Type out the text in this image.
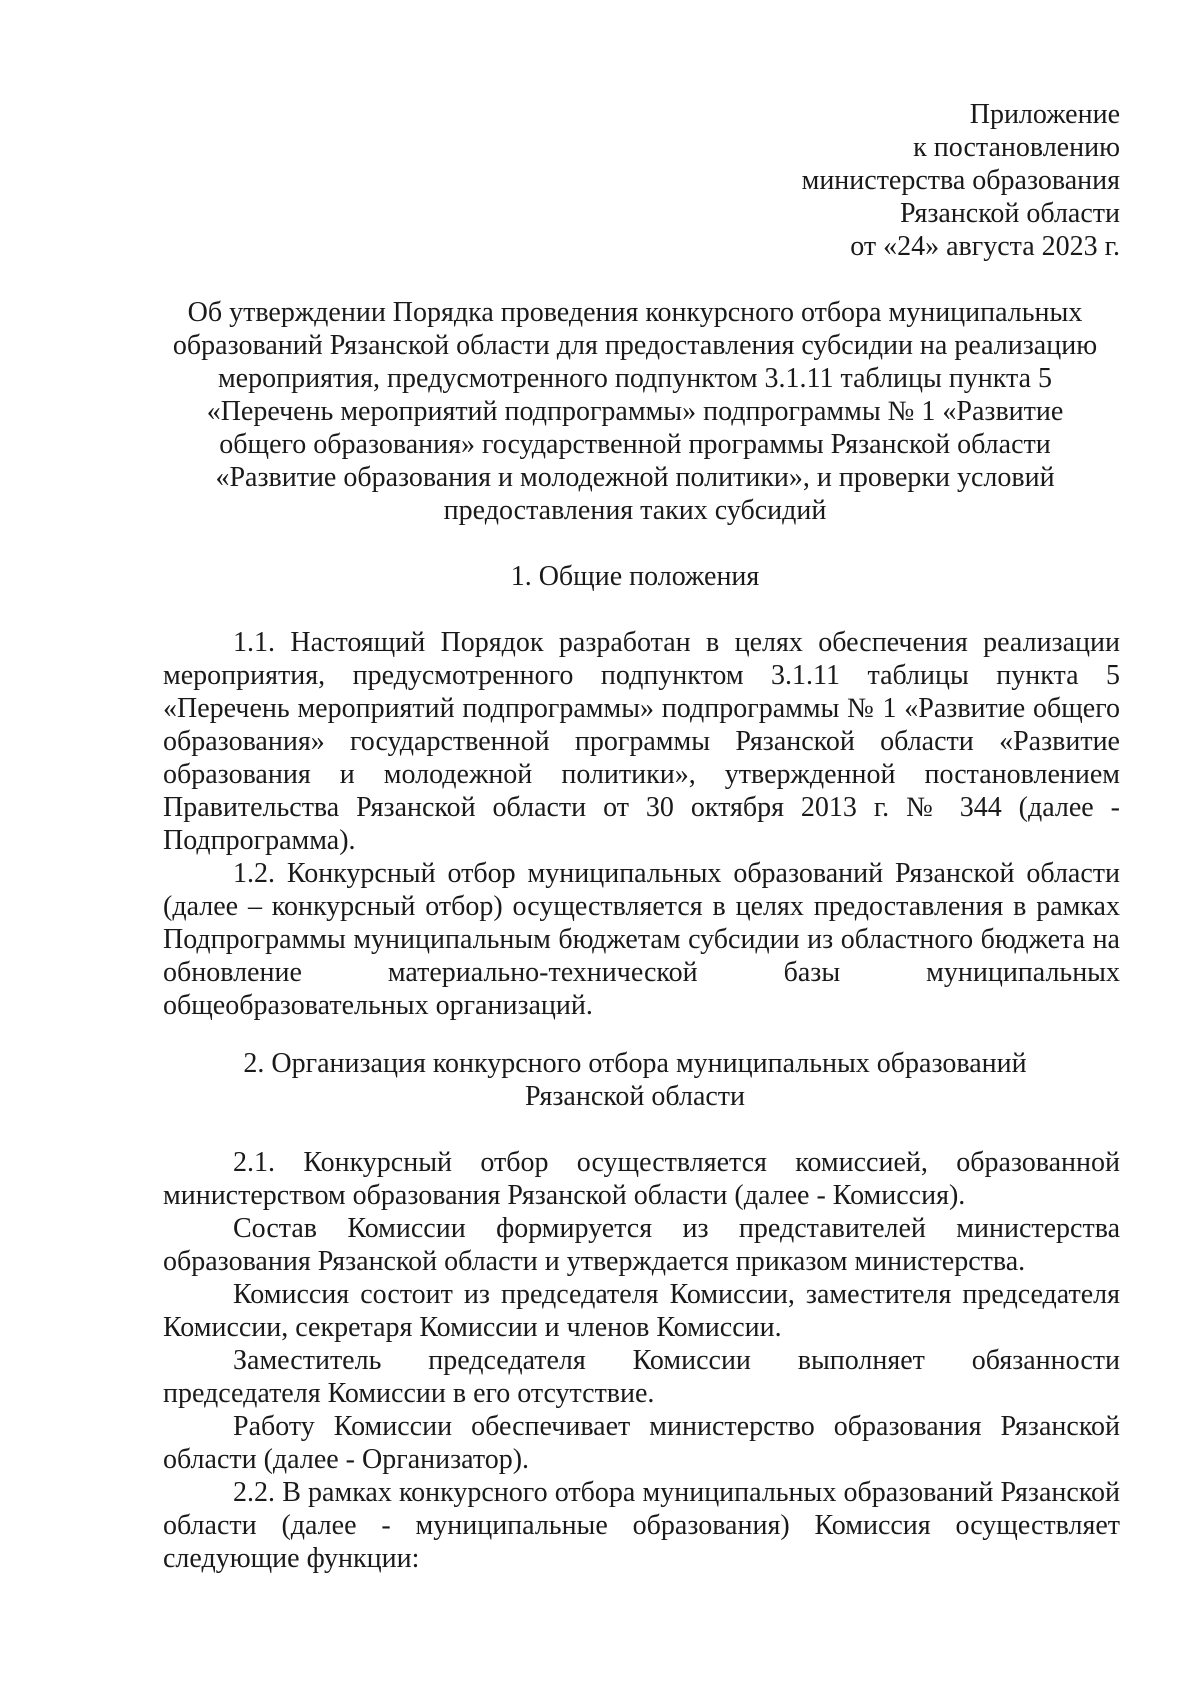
Приложение
к постановлению
министерства образования
Рязанской области
от «24» августа 2023 г.
Об утверждении Порядка проведения конкурсного отбора муниципальных
образований Рязанской области для предоставления субсидии на реализацию
мероприятия, предусмотренного подпунктом 3.1.11 таблицы пункта 5
«Перечень мероприятий подпрограммы» подпрограммы № 1 «Развитие
общего образования» государственной программы Рязанской области
«Развитие образования и молодежной политики», и проверки условий
предоставления таких субсидий
1. Общие положения

1.1. Настоящий Порядок разработан в целях обеспечения реализации мероприятия, предусмотренного подпунктом 3.1.11 таблицы пункта 5 «Перечень мероприятий подпрограммы» подпрограммы № 1 «Развитие общего образования» государственной программы Рязанской области «Развитие образования и молодежной политики», утвержденной постановлением Правительства Рязанской области от 30 октября 2013 г. № 344 (далее - Подпрограмма).

1.2. Конкурсный отбор муниципальных образований Рязанской области (далее – конкурсный отбор) осуществляется в целях предоставления в рамках Подпрограммы муниципальным бюджетам субсидии из областного бюджета на обновление материально-технической базы муниципальных общеобразовательных организаций.

2. Организация конкурсного отбора муниципальных образований
Рязанской области

2.1. Конкурсный отбор осуществляется комиссией, образованной министерством образования Рязанской области (далее - Комиссия).

Состав Комиссии формируется из представителей министерства образования Рязанской области и утверждается приказом министерства.

Комиссия состоит из председателя Комиссии, заместителя председателя Комиссии, секретаря Комиссии и членов Комиссии.

Заместитель председателя Комиссии выполняет обязанности председателя Комиссии в его отсутствие.

Работу Комиссии обеспечивает министерство образования Рязанской области (далее - Организатор).

2.2. В рамках конкурсного отбора муниципальных образований Рязанской области (далее - муниципальные образования) Комиссия осуществляет следующие функции:
